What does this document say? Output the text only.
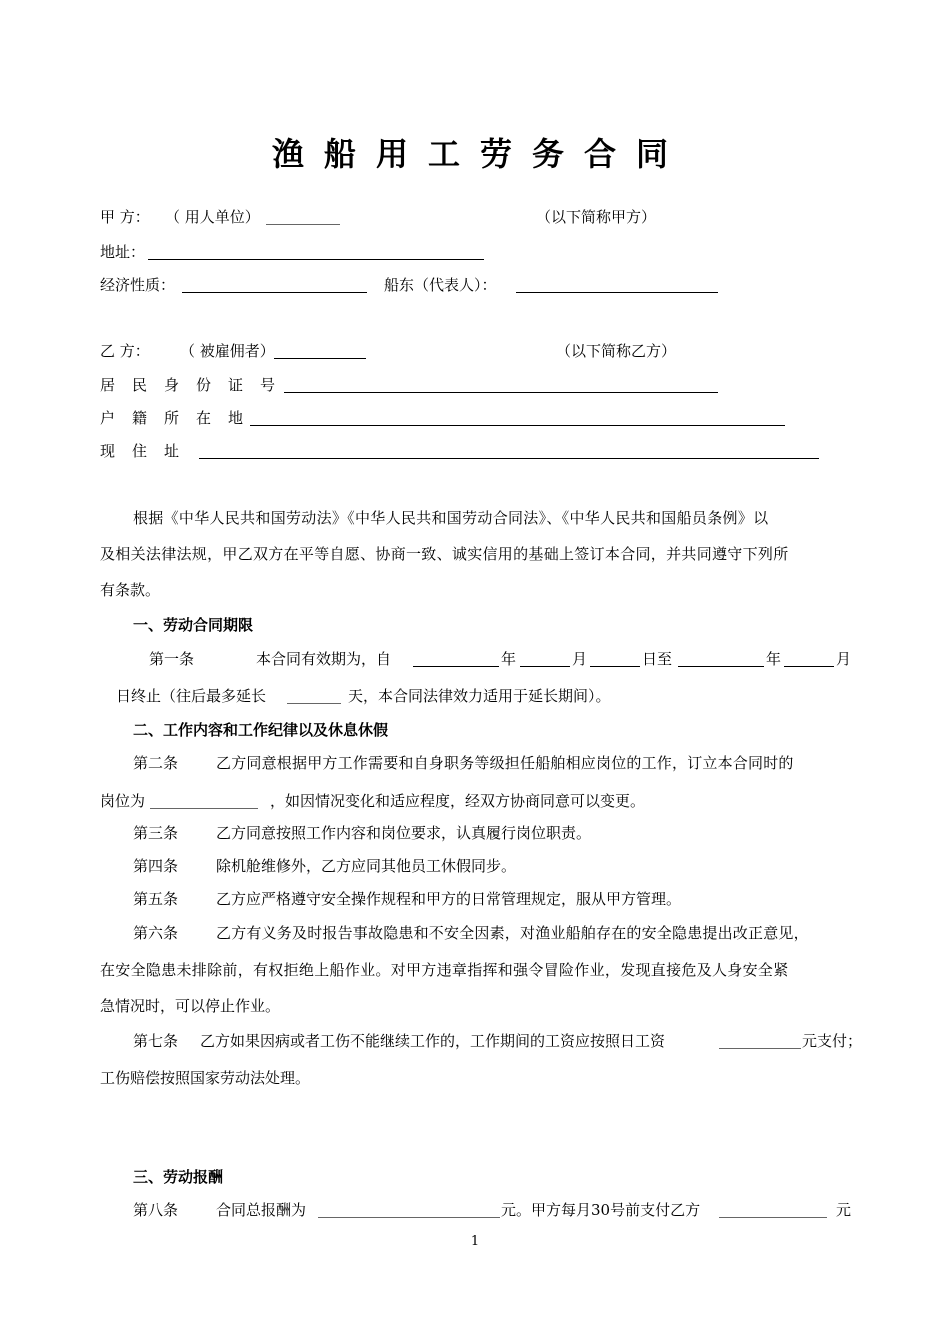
渔船用工劳务合同
甲 方： （ 用人单位）	（以下简称甲方）
地址：
经济性质：	船东（代表人）：
乙 方： （ 被雇佣者）	（以下简称乙方）
居民身份证号
户籍所在地
现住址
根据《中华人民共和国劳动法》《中华人民共和国劳动合同法》、《中华人民共和国船员条例》以
及相关法律法规，甲乙双方在平等自愿、协商一致、诚实信用的基础上签订本合同，并共同遵守下列所
有条款。
一、劳动合同期限
第一条	本合同有效期为，自	年	月	日至	年	月
日终止（往后最多延长	天，本合同法律效力适用于延长期间）。
二、工作内容和工作纪律以及休息休假
第二条	乙方同意根据甲方工作需要和自身职务等级担任船舶相应岗位的工作，订立本合同时的
岗位为	，如因情况变化和适应程度，经双方协商同意可以变更。
第三条	乙方同意按照工作内容和岗位要求，认真履行岗位职责。
第四条	除机舱维修外，乙方应同其他员工休假同步。
第五条	乙方应严格遵守安全操作规程和甲方的日常管理规定，服从甲方管理。
第六条	乙方有义务及时报告事故隐患和不安全因素，对渔业船舶存在的安全隐患提出改正意见，
在安全隐患未排除前，有权拒绝上船作业。对甲方违章指挥和强令冒险作业，发现直接危及人身安全紧
急情况时，可以停止作业。
第七条 乙方如果因病或者工伤不能继续工作的，工作期间的工资应按照日工资	元支付；
工伤赔偿按照国家劳动法处理。
三、劳动报酬
第八条	合同总报酬为	元。甲方每月30号前支付乙方	元
1
